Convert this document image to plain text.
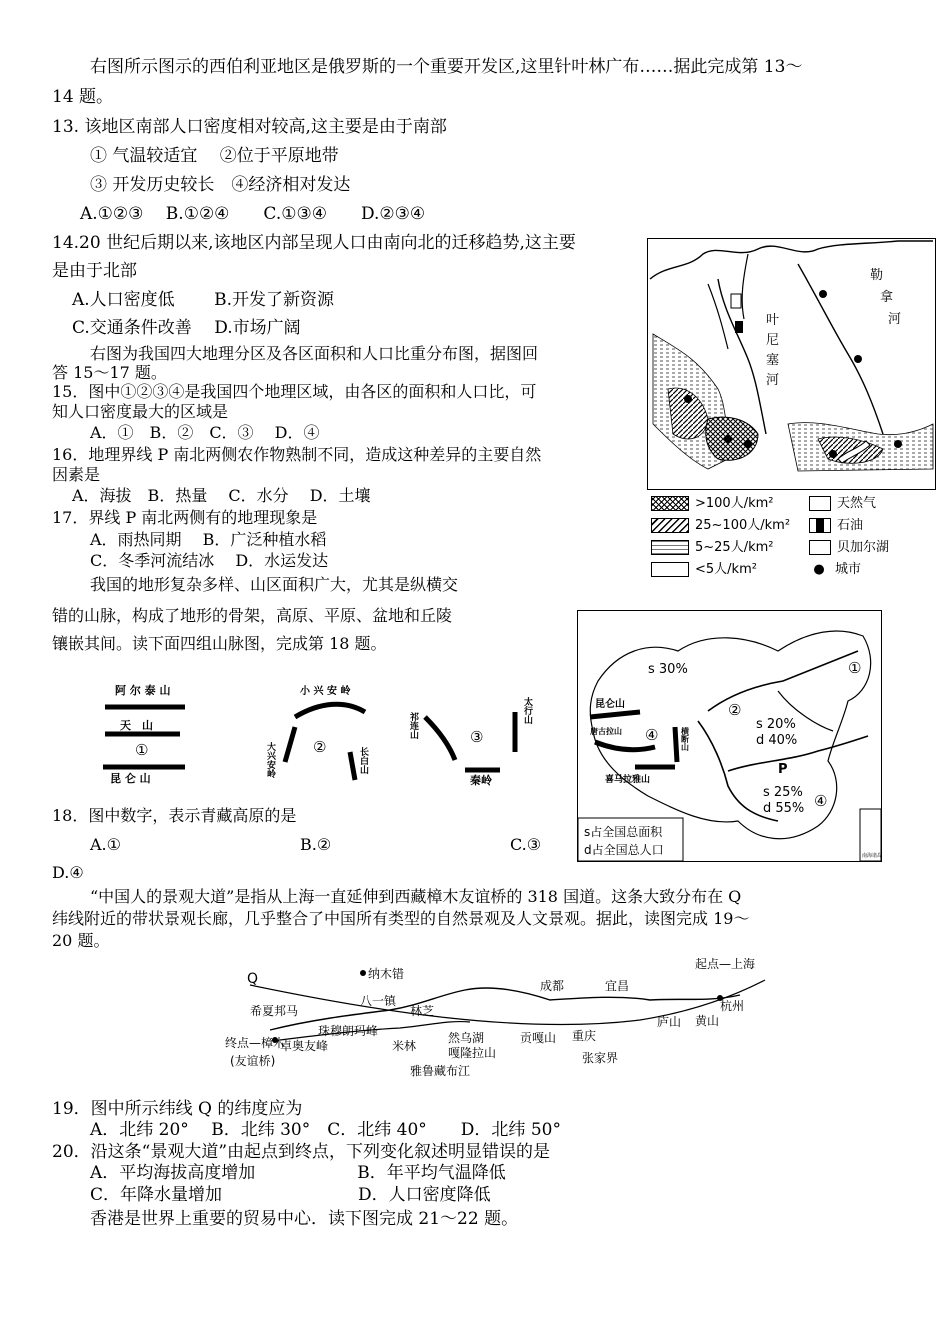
右图所示图示的西伯利亚地区是俄罗斯的一个重要开发区,这里针叶林广布……据此完成第 13～
14 题。
13. 该地区南部人口密度相对较高,这主要是由于南部
① 气温较适宜　 ②位于平原地带
③ 开发历史较长　④经济相对发达
A.①②③　 B.①②④　　C.①③④　　D.②③④
14.20 世纪后期以来,该地区内部呈现人口由南向北的迁移趋势,这主要
是由于北部
A.人口密度低　　 B.开发了新资源
C.交通条件改善　 D.市场广阔
右图为我国四大地理分区及各区面积和人口比重分布图，据图回
答 15～17 题。
15．图中①②③④是我国四个地理区域，由各区的面积和人口比，可
知人口密度最大的区域是
A．①　B．②　C．③　 D．④
16．地理界线 P 南北两侧农作物熟制不同，造成这种差异的主要自然
因素是
A．海拔　B．热量　 C．水分　 D．土壤
17．界线 P 南北两侧有的地理现象是
A．雨热同期　 B．广泛种植水稻
C．冬季河流结冰　 D．水运发达
我国的地形复杂多样、山区面积广大，尤其是纵横交
错的山脉，构成了地形的骨架，高原、平原、盆地和丘陵
镶嵌其间。读下面四组山脉图，完成第 18 题。
叶
尼
塞
河
勒
拿
河
>100人/km²
25~100人/km²
5~25人/km²
<5人/km²
天然气
石油
贝加尔湖
● 城市
s 30%	①
②
s 20%
d 40%
P
s 25%
d 55% ④
s占全国总面积
d占全国总人口	南海诸岛
阿 尔 泰 山
天　山
①
昆 仑 山
小 兴 安 岭
大兴安岭	②	长白山
祁连山	③
秦岭
太行山	昆仑山
唐古拉山 ④
喜马拉雅山
横断山
18．图中数字，表示青藏高原的是
A.①	B.②	C.③
D.④
“中国人的景观大道”是指从上海一直延伸到西藏樟木友谊桥的 318 国道。这条大致分布在 Q
纬线附近的带状景观长廊，几乎整合了中国所有类型的自然景观及人文景观。据此，读图完成 19～
20 题。
Q	纳木错
起点—上海
希夏邦马
八一镇
林芝
成都	宜昌
杭州
终点—樟木
(友谊桥)
卓奥友峰
珠穆朗玛峰
米林
然乌湖
嘎隆拉山
雅鲁藏布江
贡嘎山 重庆
张家界
庐山 黄山
19．图中所示纬线 Q 的纬度应为
A．北纬 20°　 B．北纬 30°　C．北纬 40°　　D．北纬 50°
20．沿这条“景观大道”由起点到终点，下列变化叙述明显错误的是
A．平均海拔高度增加　　　　　　B．年平均气温降低
C．年降水量增加　　　　　　　　D．人口密度降低
香港是世界上重要的贸易中心．读下图完成 21～22 题。
